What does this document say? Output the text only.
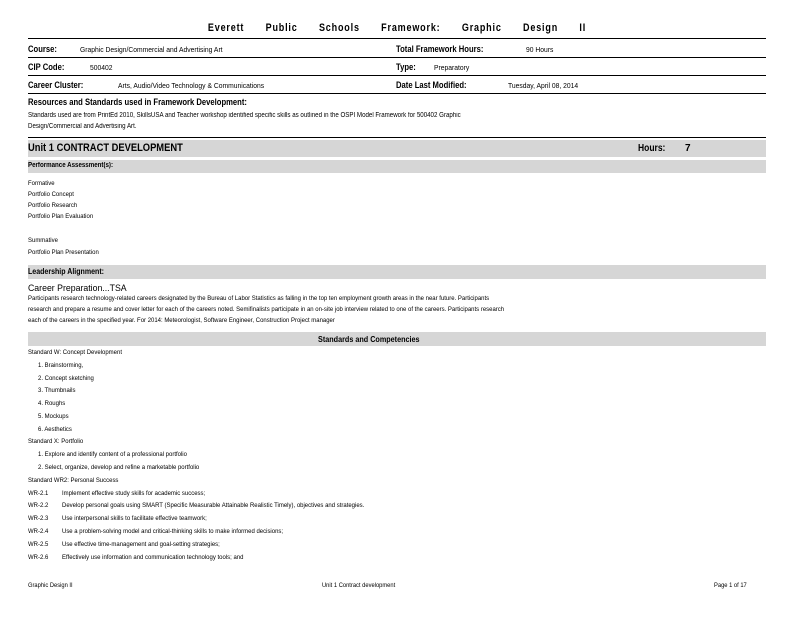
Everett Public Schools Framework: Graphic Design II
Course:	Graphic Design/Commercial and Advertising Art	Total Framework Hours:	90 Hours
CIP Code:	500402	Type: Preparatory
Career Cluster:	Arts, Audio/Video Technology & Communications	Date Last Modified:	Tuesday, April 08, 2014
Resources and Standards used in Framework Development:
Standards used are from PrintEd 2010, SkillsUSA and Teacher workshop identified specific skills as outlined in the OSPI Model Framework for 500402 Graphic
Design/Commercial and Advertising Art.
Unit 1 CONTRACT DEVELOPMENT	Hours: 7
Performance Assessment(s):
Formative
Portfolio Concept
Portfolio Research
Portfolio Plan Evaluation
Summative
Portfolio Plan Presentation
Leadership Alignment:
Career Preparation...TSA
Participants research technology-related careers designated by the Bureau of Labor Statistics as falling in the top ten employment growth areas in the near future. Participants
research and prepare a resume and cover letter for each of the careers noted. Semifinalists participate in an on-site job interview related to one of the careers. Participants research
each of the careers in the specified year. For 2014: Meteorologist, Software Engineer, Construction Project manager
Standards and Competencies
Standard W: Concept Development
1. Brainstorming,
2. Concept sketching
3. Thumbnails
4. Roughs
5. Mockups
6. Aesthetics
Standard X: Portfolio
1. Explore and identify content of a professional portfolio
2. Select, organize, develop and refine a marketable portfolio
Standard WR2: Personal Success
WR-2.1 Implement effective study skills for academic success;
WR-2.2 Develop personal goals using SMART (Specific Measurable Attainable Realistic Timely), objectives and strategies.
WR-2.3 Use interpersonal skills to facilitate effective teamwork;
WR-2.4 Use a problem-solving model and critical-thinking skills to make informed decisions;
WR-2.5 Use effective time-management and goal-setting strategies;
WR-2.6 Effectively use information and communication technology tools; and
Graphic Design II	Unit 1 Contract development	Page 1 of 17
